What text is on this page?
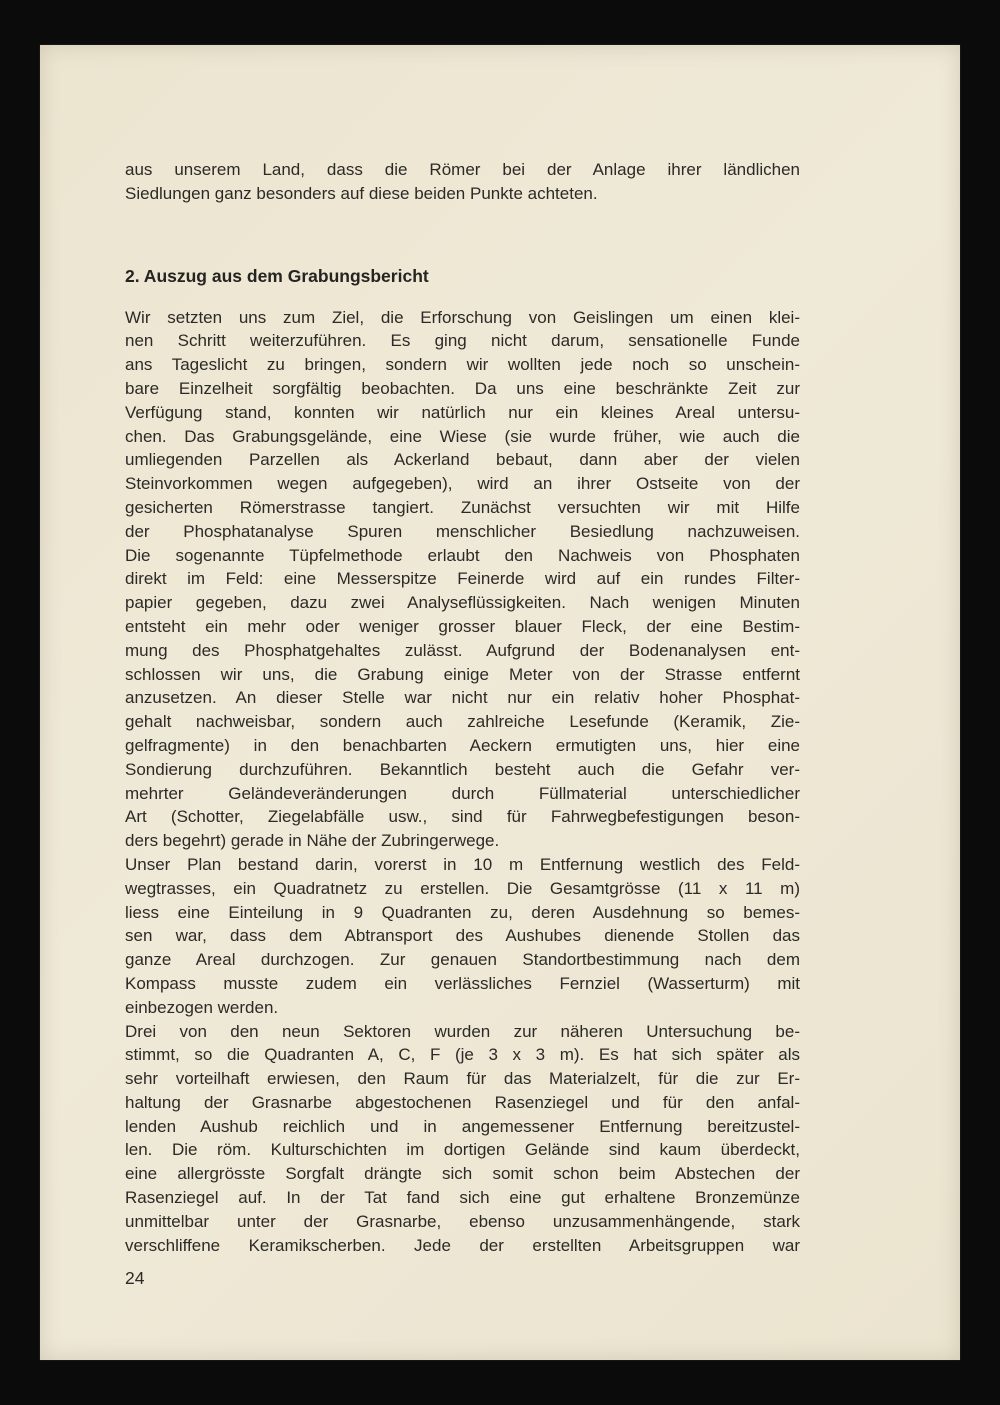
aus unserem Land, dass die Römer bei der Anlage ihrer ländlichen
Siedlungen ganz besonders auf diese beiden Punkte achteten.
2. Auszug aus dem Grabungsbericht
Wir setzten uns zum Ziel, die Erforschung von Geislingen um einen klei-
nen Schritt weiterzuführen. Es ging nicht darum, sensationelle Funde
ans Tageslicht zu bringen, sondern wir wollten jede noch so unschein-
bare Einzelheit sorgfältig beobachten. Da uns eine beschränkte Zeit zur
Verfügung stand, konnten wir natürlich nur ein kleines Areal untersu-
chen. Das Grabungsgelände, eine Wiese (sie wurde früher, wie auch die
umliegenden Parzellen als Ackerland bebaut, dann aber der vielen
Steinvorkommen wegen aufgegeben), wird an ihrer Ostseite von der
gesicherten Römerstrasse tangiert. Zunächst versuchten wir mit Hilfe
der Phosphatanalyse Spuren menschlicher Besiedlung nachzuweisen.
Die sogenannte Tüpfelmethode erlaubt den Nachweis von Phosphaten
direkt im Feld: eine Messerspitze Feinerde wird auf ein rundes Filter-
papier gegeben, dazu zwei Analyseflüssigkeiten. Nach wenigen Minuten
entsteht ein mehr oder weniger grosser blauer Fleck, der eine Bestim-
mung des Phosphatgehaltes zulässt. Aufgrund der Bodenanalysen ent-
schlossen wir uns, die Grabung einige Meter von der Strasse entfernt
anzusetzen. An dieser Stelle war nicht nur ein relativ hoher Phosphat-
gehalt nachweisbar, sondern auch zahlreiche Lesefunde (Keramik, Zie-
gelfragmente) in den benachbarten Aeckern ermutigten uns, hier eine
Sondierung durchzuführen. Bekanntlich besteht auch die Gefahr ver-
mehrter Geländeveränderungen durch Füllmaterial unterschiedlicher
Art (Schotter, Ziegelabfälle usw., sind für Fahrwegbefestigungen beson-
ders begehrt) gerade in Nähe der Zubringerwege.
Unser Plan bestand darin, vorerst in 10 m Entfernung westlich des Feld-
wegtrasses, ein Quadratnetz zu erstellen. Die Gesamtgrösse (11 x 11 m)
liess eine Einteilung in 9 Quadranten zu, deren Ausdehnung so bemes-
sen war, dass dem Abtransport des Aushubes dienende Stollen das
ganze Areal durchzogen. Zur genauen Standortbestimmung nach dem
Kompass musste zudem ein verlässliches Fernziel (Wasserturm) mit
einbezogen werden.
Drei von den neun Sektoren wurden zur näheren Untersuchung be-
stimmt, so die Quadranten A, C, F (je 3 x 3 m). Es hat sich später als
sehr vorteilhaft erwiesen, den Raum für das Materialzelt, für die zur Er-
haltung der Grasnarbe abgestochenen Rasenziegel und für den anfal-
lenden Aushub reichlich und in angemessener Entfernung bereitzustel-
len. Die röm. Kulturschichten im dortigen Gelände sind kaum überdeckt,
eine allergrösste Sorgfalt drängte sich somit schon beim Abstechen der
Rasenziegel auf. In der Tat fand sich eine gut erhaltene Bronzemünze
unmittelbar unter der Grasnarbe, ebenso unzusammenhängende, stark
verschliffene Keramikscherben. Jede der erstellten Arbeitsgruppen war
24
